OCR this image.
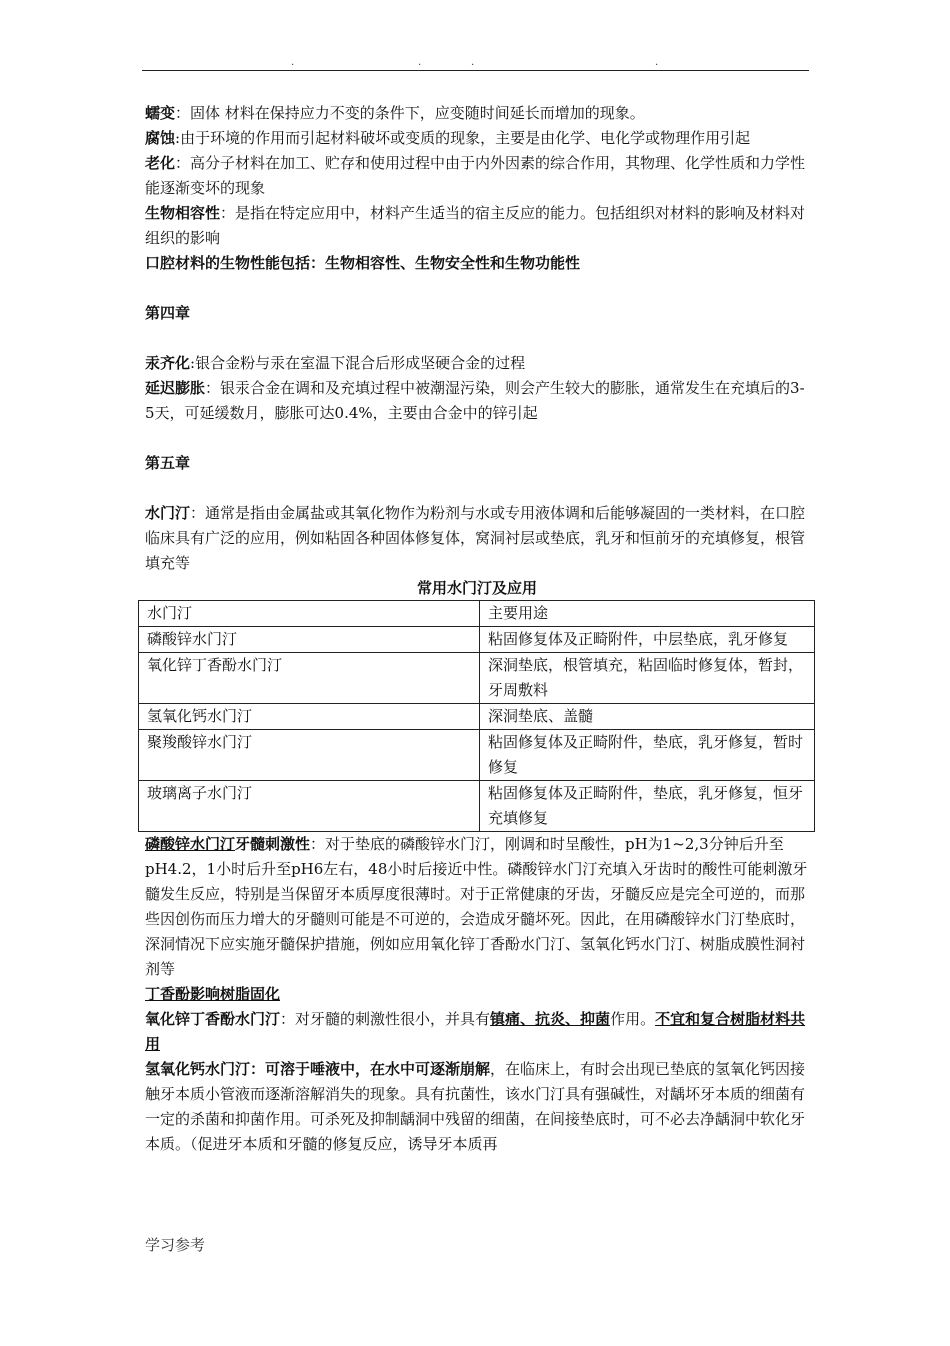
.	.	.	.

蠕变：固体 材料在保持应力不变的条件下，应变随时间延长而增加的现象。

腐蚀:由于环境的作用而引起材料破坏或变质的现象，主要是由化学、电化学或物理作用引起

老化：高分子材料在加工、贮存和使用过程中由于内外因素的综合作用，其物理、化学性质和力学性能逐渐变坏的现象

生物相容性：是指在特定应用中，材料产生适当的宿主反应的能力。包括组织对材料的影响及材料对组织的影响

口腔材料的生物性能包括：生物相容性、生物安全性和生物功能性

第四章

汞齐化:银合金粉与汞在室温下混合后形成坚硬合金的过程

延迟膨胀：银汞合金在调和及充填过程中被潮湿污染，则会产生较大的膨胀，通常发生在充填后的3-5天，可延缓数月，膨胀可达0.4%，主要由合金中的锌引起

第五章

水门汀：通常是指由金属盐或其氧化物作为粉剂与水或专用液体调和后能够凝固的一类材料，在口腔临床具有广泛的应用，例如粘固各种固体修复体，窝洞衬层或垫底，乳牙和恒前牙的充填修复，根管填充等

常用水门汀及应用

水门汀	主要用途
磷酸锌水门汀	粘固修复体及正畸附件，中层垫底，乳牙修复
氧化锌丁香酚水门汀	深洞垫底，根管填充，粘固临时修复体，暂封，牙周敷料
氢氧化钙水门汀	深洞垫底、盖髓
聚羧酸锌水门汀	粘固修复体及正畸附件，垫底，乳牙修复，暂时修复
玻璃离子水门汀	粘固修复体及正畸附件，垫底，乳牙修复，恒牙充填修复

磷酸锌水门汀牙髓刺激性：对于垫底的磷酸锌水门汀，刚调和时呈酸性，pH为1~2,3分钟后升至pH4.2，1小时后升至pH6左右，48小时后接近中性。磷酸锌水门汀充填入牙齿时的酸性可能刺激牙髓发生反应，特别是当保留牙本质厚度很薄时。对于正常健康的牙齿，牙髓反应是完全可逆的，而那些因创伤而压力增大的牙髓则可能是不可逆的，会造成牙髓坏死。因此，在用磷酸锌水门汀垫底时，深洞情况下应实施牙髓保护措施，例如应用氧化锌丁香酚水门汀、氢氧化钙水门汀、树脂成膜性洞衬剂等

丁香酚影响树脂固化

氧化锌丁香酚水门汀：对牙髓的刺激性很小，并具有镇痛、抗炎、抑菌作用。不宜和复合树脂材料共用

氢氧化钙水门汀：可溶于唾液中，在水中可逐渐崩解，在临床上，有时会出现已垫底的氢氧化钙因接触牙本质小管液而逐渐溶解消失的现象。具有抗菌性，该水门汀具有强碱性，对龋坏牙本质的细菌有一定的杀菌和抑菌作用。可杀死及抑制龋洞中残留的细菌，在间接垫底时，可不必去净龋洞中软化牙本质。（促进牙本质和牙髓的修复反应，诱导牙本质再

学习参考
